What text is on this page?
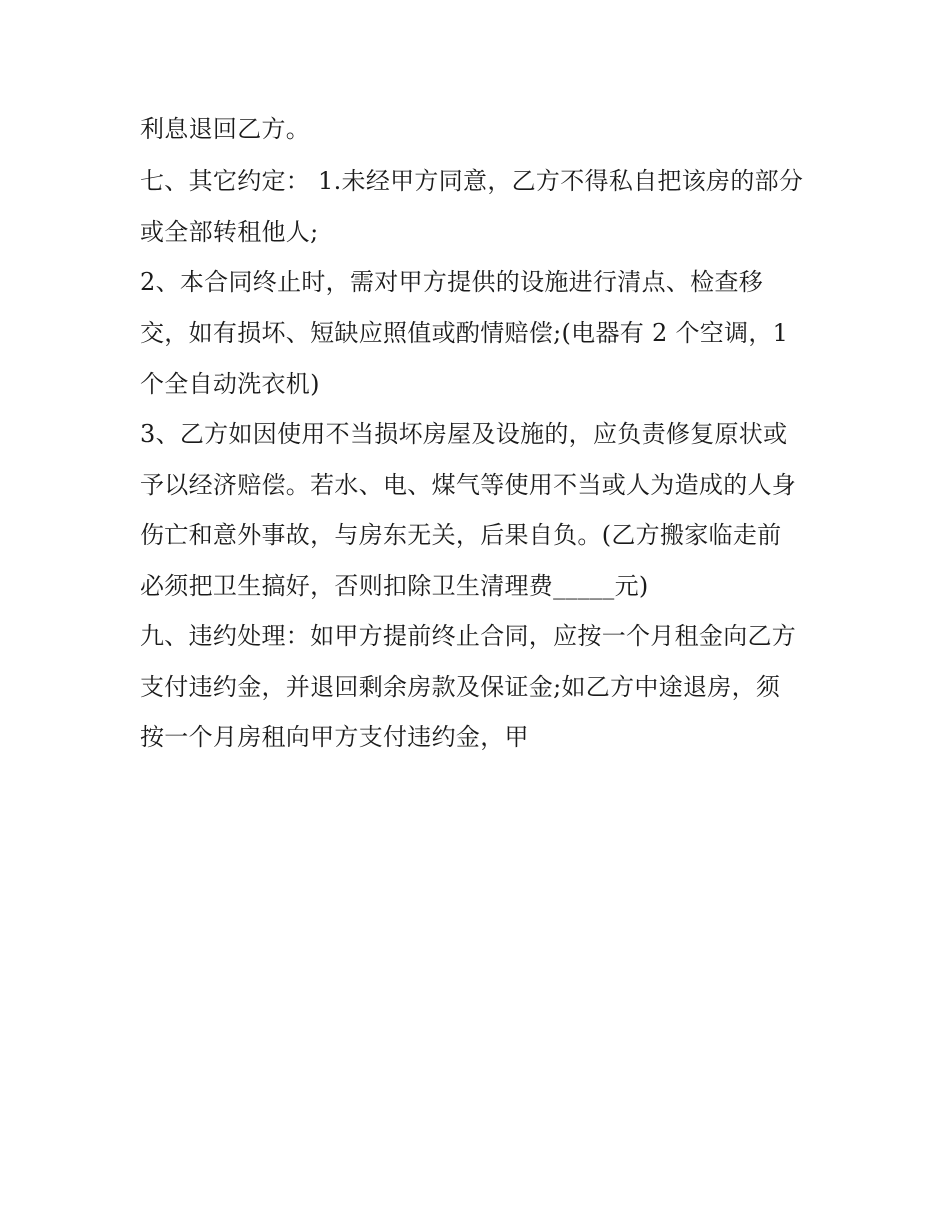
利息退回乙方。

七、其它约定： 1.未经甲方同意，乙方不得私自把该房的部分

或全部转租他人;

2、本合同终止时，需对甲方提供的设施进行清点、检查移

交，如有损坏、短缺应照值或酌情赔偿;(电器有 2 个空调，1

个全自动洗衣机)

3、乙方如因使用不当损坏房屋及设施的，应负责修复原状或

予以经济赔偿。若水、电、煤气等使用不当或人为造成的人身

伤亡和意外事故，与房东无关，后果自负。(乙方搬家临走前

必须把卫生搞好，否则扣除卫生清理费_____元)

九、违约处理：如甲方提前终止合同，应按一个月租金向乙方

支付违约金，并退回剩余房款及保证金;如乙方中途退房，须

按一个月房租向甲方支付违约金，甲
